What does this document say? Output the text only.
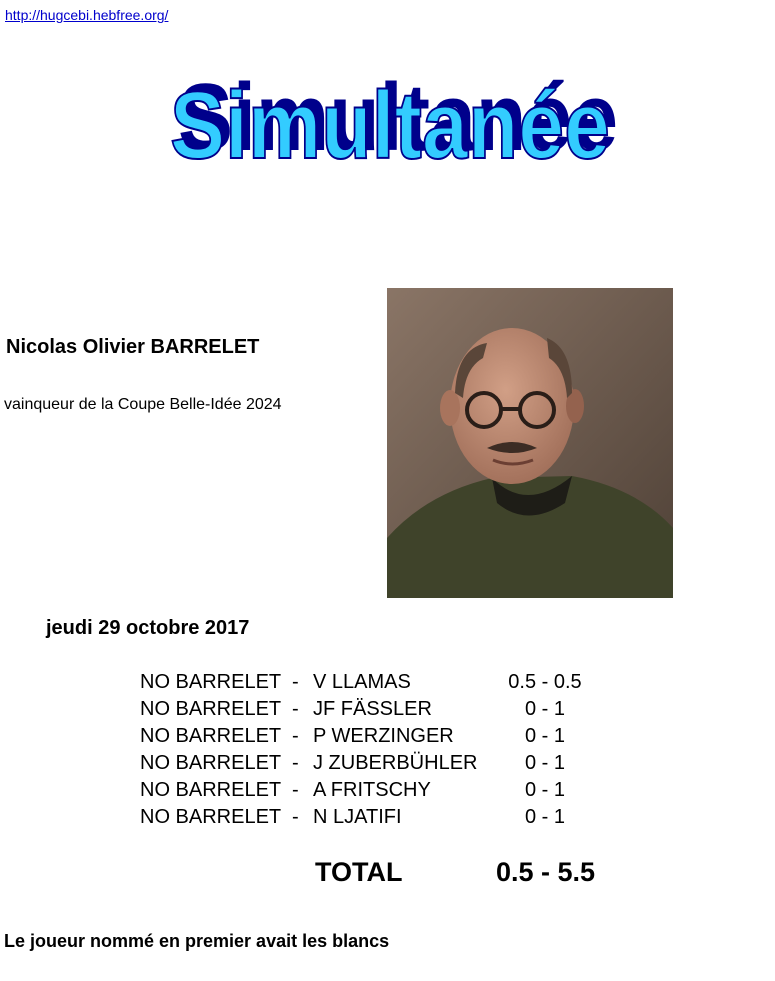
http://hugcebi.hebfree.org/
Simultanée
Simultanée
Nicolas Olivier BARRELET
vainqueur de la Coupe Belle-Idée 2024
jeudi 29 octobre 2017
NO BARRELET - V LLAMAS	0.5 - 0.5
NO BARRELET - JF FÄSSLER	0 - 1
NO BARRELET - P WERZINGER	0 - 1
NO BARRELET - J ZUBERBÜHLER	0 - 1
NO BARRELET - A FRITSCHY	0 - 1
NO BARRELET - N LJATIFI	0 - 1
TOTAL	0.5 - 5.5
Le joueur nommé en premier avait les blancs
